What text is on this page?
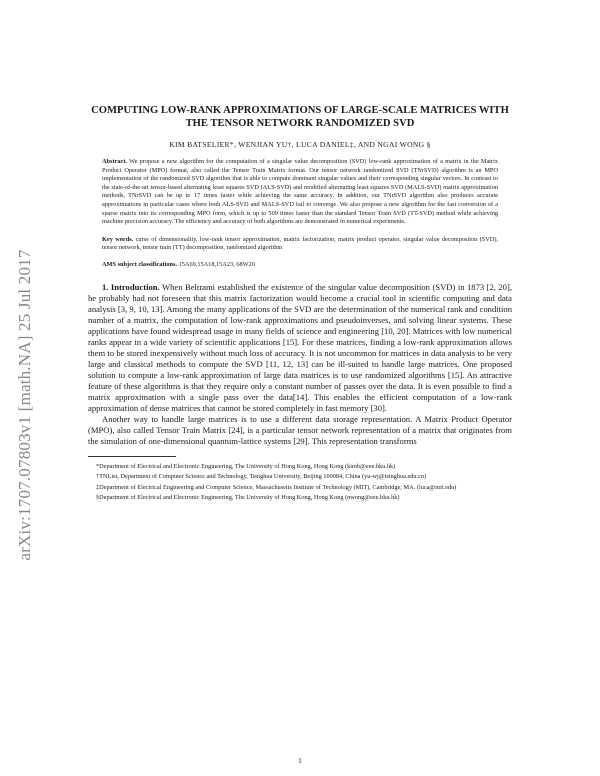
arXiv:1707.07803v1 [math.NA] 25 Jul 2017
COMPUTING LOW-RANK APPROXIMATIONS OF LARGE-SCALE MATRICES WITH THE TENSOR NETWORK RANDOMIZED SVD
KIM BATSELIER*, WENJIAN YU†, LUCA DANIEL‡, AND NGAI WONG §
Abstract. We propose a new algorithm for the computation of a singular value decomposition (SVD) low-rank approximation of a matrix in the Matrix Product Operator (MPO) format, also called the Tensor Train Matrix format. Our tensor network randomized SVD (TNrSVD) algorithm is an MPO implementation of the randomized SVD algorithm that is able to compute dominant singular values and their corresponding singular vectors. In contrast to the state-of-the-art tensor-based alternating least squares SVD (ALS-SVD) and modified alternating least squares SVD (MALS-SVD) matrix approximation methods, TNrSVD can be up to 17 times faster while achieving the same accuracy. In addition, our TNrSVD algorithm also produces accurate approximations in particular cases where both ALS-SVD and MALS-SVD fail to converge. We also propose a new algorithm for the fast conversion of a sparse matrix into its corresponding MPO form, which is up to 509 times faster than the standard Tensor Train SVD (TT-SVD) method while achieving machine precision accuracy. The efficiency and accuracy of both algorithms are demonstrated in numerical experiments.
Key words. curse of dimensionality, low-rank tensor approximation, matrix factorization, matrix product operator, singular value decompositon (SVD), tensor network, tensor train (TT) decomposition, randomized algorithm
AMS subject classifications. 15A69,15A18,15A23, 68W20

1. Introduction. When Beltrami established the existence of the singular value decomposition (SVD) in 1873 [2, 20], he probably had not foreseen that this matrix factorization would become a crucial tool in scientific computing and data analysis [3, 9, 10, 13]. Among the many applications of the SVD are the determination of the numerical rank and condition number of a matrix, the computation of low-rank approximations and pseudoinverses, and solving linear systems. These applications have found widespread usage in many fields of science and engineering [10, 20]. Matrices with low numerical ranks appear in a wide variety of scientific applications [15]. For these matrices, finding a low-rank approximation allows them to be stored inexpensively without much loss of accuracy. It is not uncommon for matrices in data analysis to be very large and classical methods to compute the SVD [11, 12, 13] can be ill-suited to handle large matrices. One proposed solution to compute a low-rank approximation of large data matrices is to use randomized algorithms [15]. An attractive feature of these algorithms is that they require only a constant number of passes over the data. It is even possible to find a matrix approximation with a single pass over the data[14]. This enables the efficient computation of a low-rank approximation of dense matrices that cannot be stored completely in fast memory [30].

Another way to handle large matrices is to use a different data storage representation. A Matrix Product Operator (MPO), also called Tensor Train Matrix [24], is a particular tensor network representation of a matrix that originates from the simulation of one-dimensional quantum-lattice systems [29]. This representation transforms

*Department of Electrical and Electronic Engineering, The University of Hong Kong, Hong Kong (kimb@eee.hku.hk)

†TNList, Department of Computer Science and Technology, Tsinghua University, Beijing 100084, China (yu-wj@tsinghua.edu.cn)

‡Department of Electrical Engineering and Computer Science, Massachusetts Institute of Technology (MIT), Cambridge, MA. (luca@mit.edu)

§Department of Electrical and Electronic Engineering, The University of Hong Kong, Hong Kong (nwong@eee.hku.hk)

1
